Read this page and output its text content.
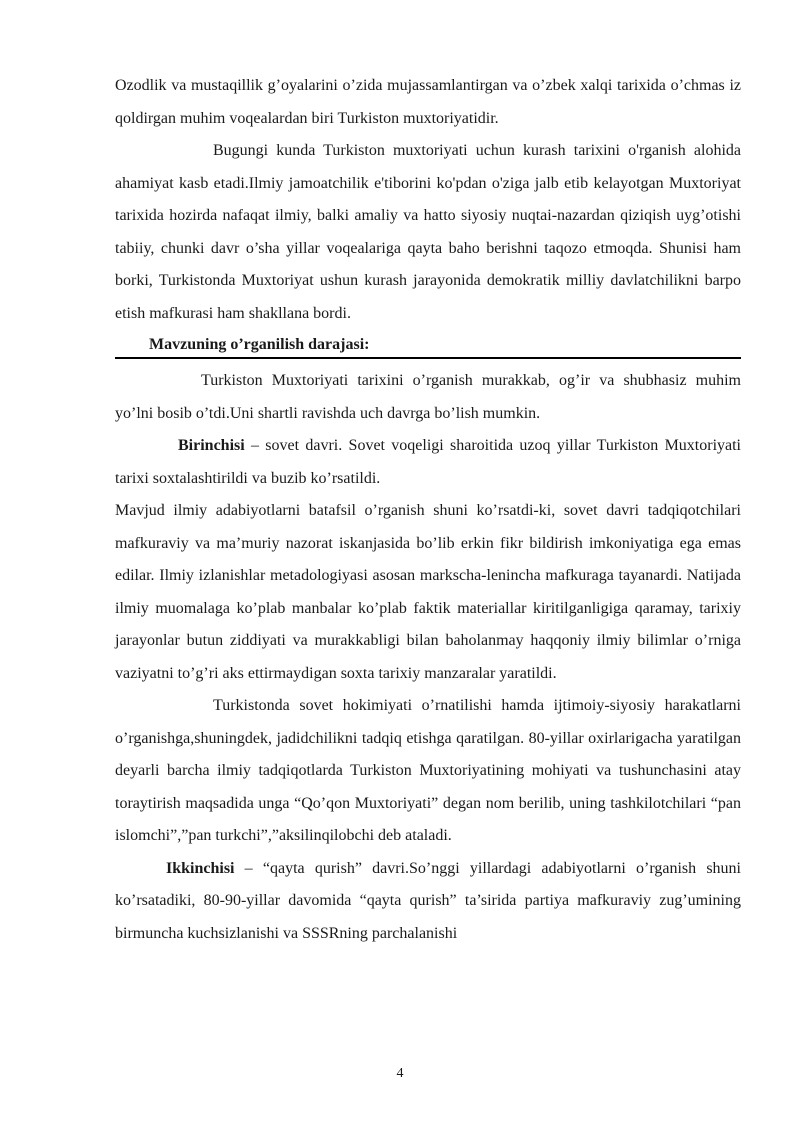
Ozodlik va mustaqillik g’oyalarini o’zida mujassamlantirgan va o’zbek xalqi tarixida o’chmas iz qoldirgan muhim voqealardan biri Turkiston muxtoriyatidir.

Bugungi kunda Turkiston muxtoriyati uchun kurash tarixini o'rganish alohida ahamiyat kasb etadi.Ilmiy jamoatchilik e'tiborini ko'pdan o'ziga jalb etib kelayotgan Muxtoriyat tarixida hozirda nafaqat ilmiy, balki amaliy va hatto siyosiy nuqtai-nazardan qiziqish uyg’otishi tabiiy, chunki davr o’sha yillar voqealariga qayta baho berishni taqozo etmoqda. Shunisi ham borki, Turkistonda Muxtoriyat ushun kurash jarayonida demokratik milliy davlatchilikni barpo etish mafkurasi ham shakllana bordi.

Mavzuning o’rganilish darajasi:

Turkiston Muxtoriyati tarixini o’rganish murakkab, og’ir va shubhasiz muhim yo’lni bosib o’tdi.Uni shartli ravishda uch davrga bo’lish mumkin.

Birinchisi – sovet davri. Sovet voqeligi sharoitida uzoq yillar Turkiston Muxtoriyati tarixi soxtalashtirildi va buzib ko’rsatildi.

Mavjud ilmiy adabiyotlarni batafsil o’rganish shuni ko’rsatdi-ki, sovet davri tadqiqotchilari mafkuraviy va ma’muriy nazorat iskanjasida bo’lib erkin fikr bildirish imkoniyatiga ega emas edilar. Ilmiy izlanishlar metadologiyasi asosan markscha-lenincha mafkuraga tayanardi. Natijada ilmiy muomalaga ko’plab manbalar ko’plab faktik materiallar kiritilganligiga qaramay, tarixiy jarayonlar butun ziddiyati va murakkabligi bilan baholanmay haqqoniy ilmiy bilimlar o’rniga vaziyatni to’g’ri aks ettirmaydigan soxta tarixiy manzaralar yaratildi.

Turkistonda sovet hokimiyati o’rnatilishi hamda ijtimoiy-siyosiy harakatlarni o’rganishga,shuningdek, jadidchilikni tadqiq etishga qaratilgan. 80-yillar oxirlarigacha yaratilgan deyarli barcha ilmiy tadqiqotlarda Turkiston Muxtoriyatining mohiyati va tushunchasini atay toraytirish maqsadida unga “Qo’qon Muxtoriyati” degan nom berilib, uning tashkilotchilari “pan islomchi”,”pan turkchi”,”aksilinqilobchi deb ataladi.

Ikkinchisi – “qayta qurish” davri.So’nggi yillardagi adabiyotlarni o’rganish shuni ko’rsatadiki, 80-90-yillar davomida “qayta qurish” ta’sirida partiya mafkuraviy zug’umining birmuncha kuchsizlanishi va SSSRning parchalanishi

4
